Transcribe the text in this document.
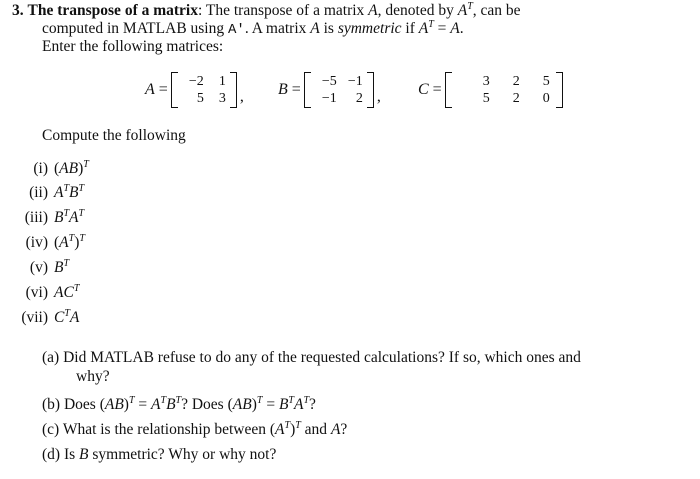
3. The transpose of a matrix: The transpose of a matrix A, denoted by $A^T$, can be
computed in MATLAB using A'. A matrix A is symmetric if $A^T = A$.
Enter the following matrices:
A = −2 1
5 3 , B = −5 −1
−1 2 , C =	3 2 5
5 2 0
Compute the following
(i) (AB)$^T$
(ii) $A^TB^T$
(iii) $B^TA^T$
(iv) $(A^T)^T$
(v) $B^T$
(vi) $AC^T$
(vii) $C^TA$
(a) Did MATLAB refuse to do any of the requested calculations? If so, which ones and
why?
(b) Does $(AB)^T = A^TB^T$? Does $(AB)^T = B^TA^T$?
(c) What is the relationship between $(A^T)^T$ and A?
(d) Is B symmetric? Why or why not?
